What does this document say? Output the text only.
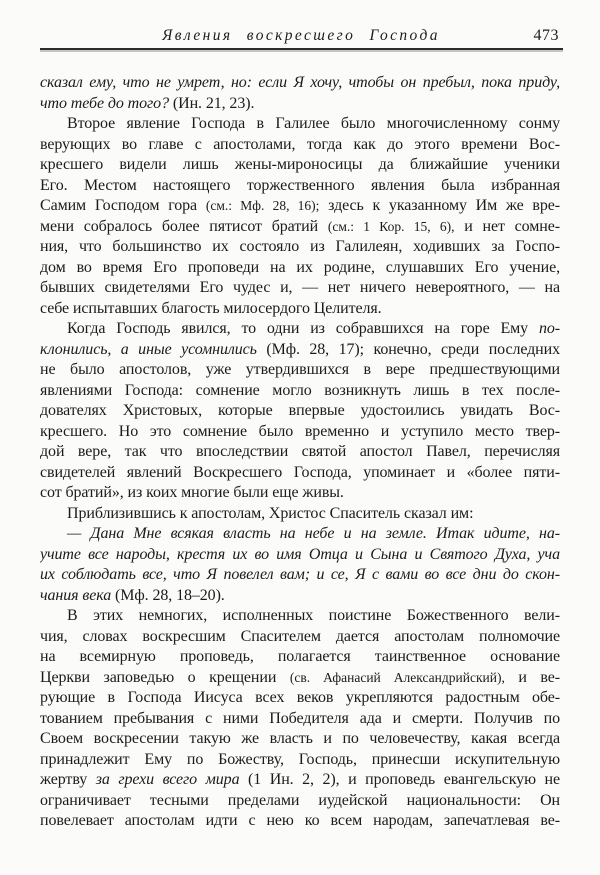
Явления воскресшего Господа	473
сказал ему, что не умрет, но: если Я хочу, чтобы он пребыл, пока приду,
что тебе до того? (Ин. 21, 23).
Второе явление Господа в Галилее было многочисленному сонму
верующих во главе с апостолами, тогда как до этого времени Вос-
кресшего видели лишь жены-мироносицы да ближайшие ученики
Его. Местом настоящего торжественного явления была избранная
Самим Господом гора (см.: Мф. 28, 16); здесь к указанному Им же вре-
мени собралось более пятисот братий (см.: 1 Кор. 15, 6), и нет сомне-
ния, что большинство их состояло из Галилеян, ходивших за Госпо-
дом во время Его проповеди на их родине, слушавших Его учение,
бывших свидетелями Его чудес и, — нет ничего невероятного, — на
себе испытавших благость милосердого Целителя.
Когда Господь явился, то одни из собравшихся на горе Ему по-
клонились, а иные усомнились (Мф. 28, 17); конечно, среди последних
не было апостолов, уже утвердившихся в вере предшествующими
явлениями Господа: сомнение могло возникнуть лишь в тех после-
дователях Христовых, которые впервые удостоились увидать Вос-
кресшего. Но это сомнение было временно и уступило место твер-
дой вере, так что впоследствии святой апостол Павел, перечисляя
свидетелей явлений Воскресшего Господа, упоминает и «более пяти-
сот братий», из коих многие были еще живы.
Приблизившись к апостолам, Христос Спаситель сказал им:
— Дана Мне всякая власть на небе и на земле. Итак идите, на-
учите все народы, крестя их во имя Отца и Сына и Святого Духа, уча
их соблюдать все, что Я повелел вам; и се, Я с вами во все дни до скон-
чания века (Мф. 28, 18–20).
В этих немногих, исполненных поистине Божественного вели-
чия, словах воскресшим Спасителем дается апостолам полномочие
на всемирную проповедь, полагается таинственное основание
Церкви заповедью о крещении (св. Афанасий Александрийский), и ве-
рующие в Господа Иисуса всех веков укрепляются радостным обе-
тованием пребывания с ними Победителя ада и смерти. Получив по
Своем воскресении такую же власть и по человечеству, какая всегда
принадлежит Ему по Божеству, Господь, принесши искупительную
жертву за грехи всего мира (1 Ин. 2, 2), и проповедь евангельскую не
ограничивает тесными пределами иудейской национальности: Он
повелевает апостолам идти с нею ко всем народам, запечатлевая ве-
